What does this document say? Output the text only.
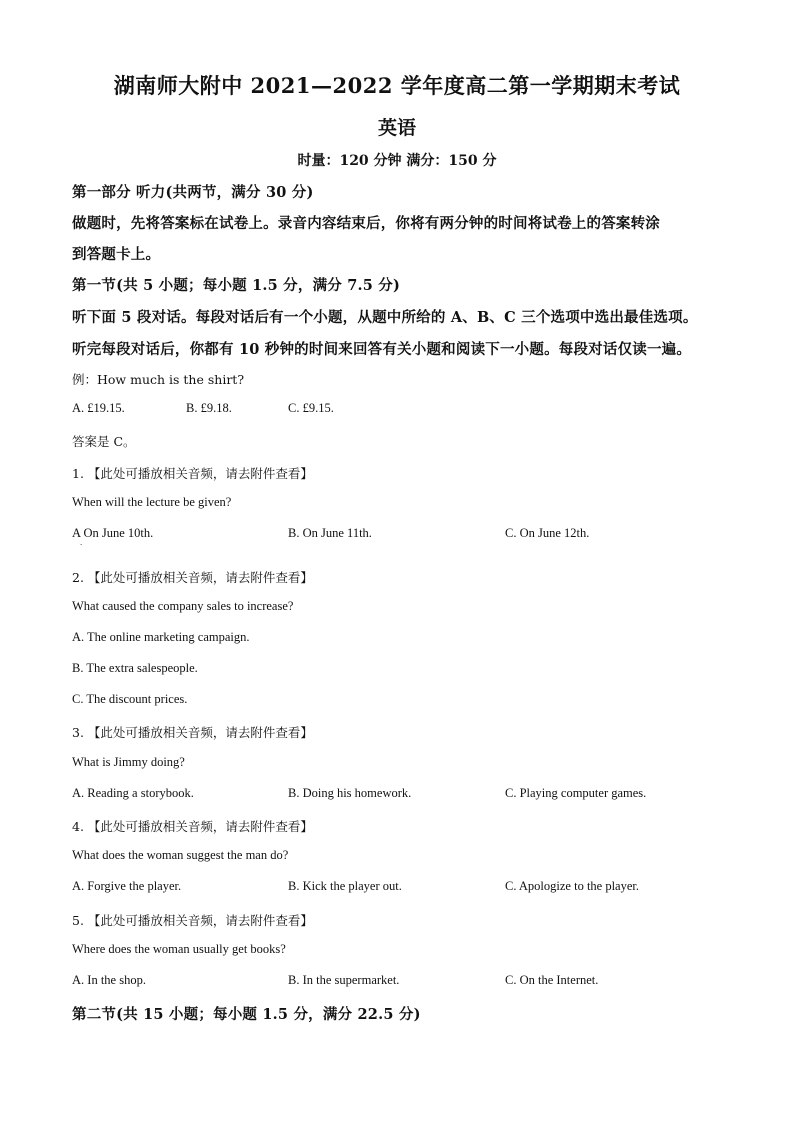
湖南师大附中 2021—2022 学年度高二第一学期期末考试
英语
时量：120 分钟 满分：150 分
第一部分 听力(共两节，满分 30 分)
做题时，先将答案标在试卷上。录音内容结束后，你将有两分钟的时间将试卷上的答案转涂
到答题卡上。
第一节(共 5 小题；每小题 1.5 分，满分 7.5 分)
听下面 5 段对话。每段对话后有一个小题，从题中所给的 A、B、C 三个选项中选出最佳选项。
听完每段对话后，你都有 10 秒钟的时间来回答有关小题和阅读下一小题。每段对话仅读一遍。
例：How much is the shirt?
A. £19.15.	B. £9.18.	C. £9.15.
答案是 C。
1. 【此处可播放相关音频，请去附件查看】
When will the lecture be given?
A On June 10th.
·
B. On June 11th.	C. On June 12th.
2. 【此处可播放相关音频，请去附件查看】
What caused the company sales to increase?
A. The online marketing campaign.
B. The extra salespeople.
C. The discount prices.
3. 【此处可播放相关音频，请去附件查看】
What is Jimmy doing?
A. Reading a storybook.	B. Doing his homework.	C. Playing computer games.
4. 【此处可播放相关音频，请去附件查看】
What does the woman suggest the man do?
A. Forgive the player.	B. Kick the player out.	C. Apologize to the player.
5. 【此处可播放相关音频，请去附件查看】
Where does the woman usually get books?
A. In the shop.	B. In the supermarket.	C. On the Internet.
第二节(共 15 小题；每小题 1.5 分，满分 22.5 分)
